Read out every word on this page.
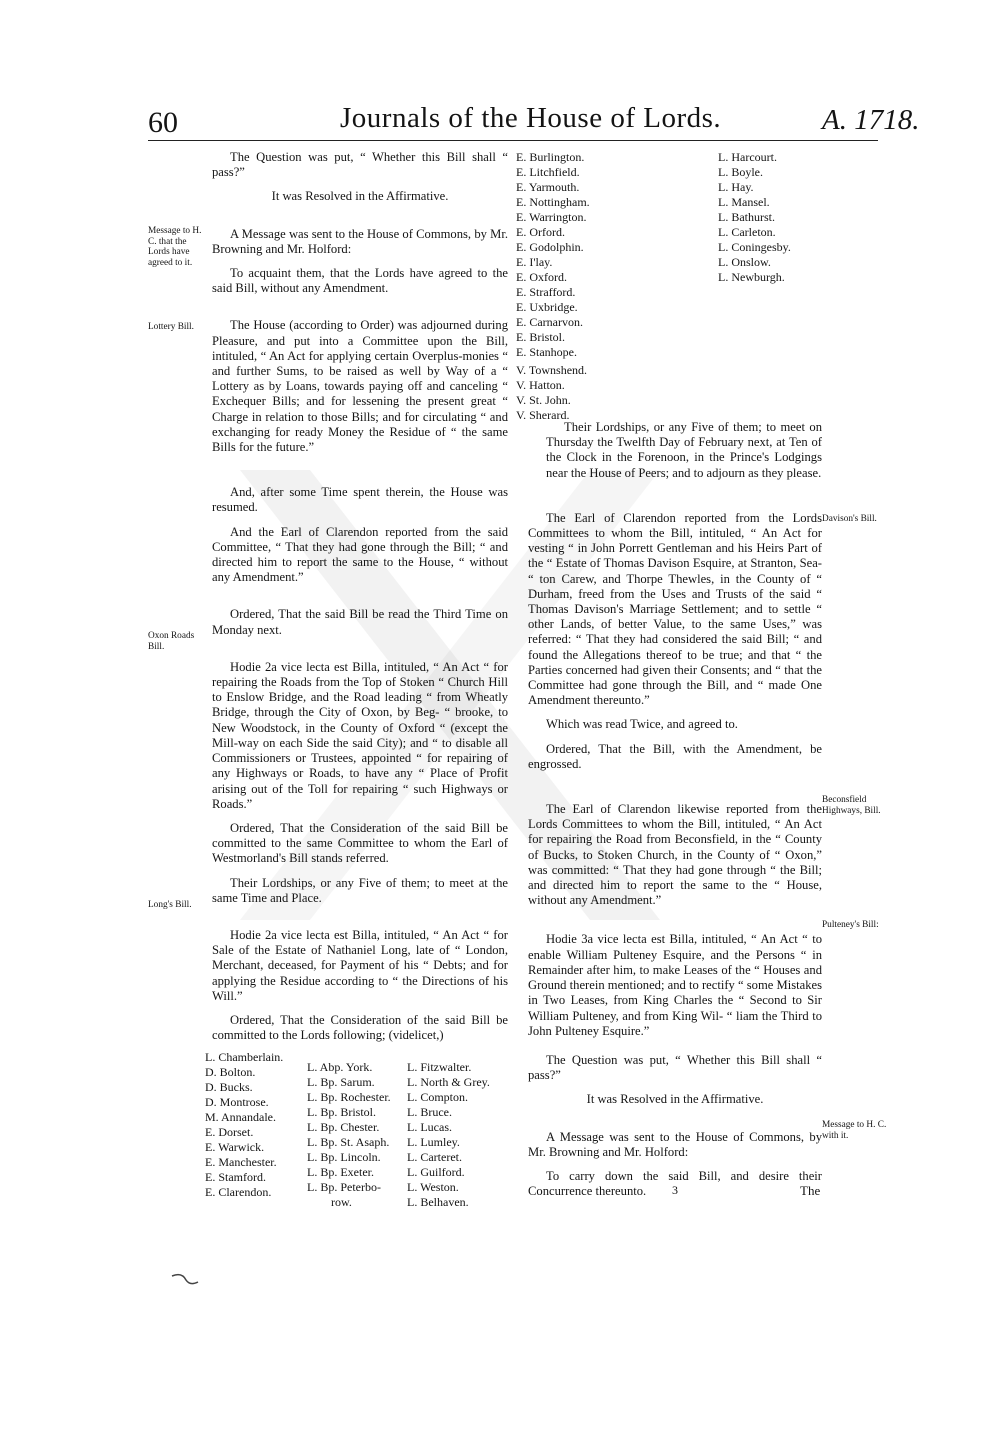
60	Journals of the House of Lords.	A. 1718.

The Question was put, “ Whether this Bill shall “ pass?”

It was Resolved in the Affirmative.

A Message was sent to the House of Commons, by Mr. Browning and Mr. Holford:

To acquaint them, that the Lords have agreed to the said Bill, without any Amendment.

The House (according to Order) was adjourned during Pleasure, and put into a Committee upon the Bill, intituled, “ An Act for applying certain Overplus-monies “ and further Sums, to be raised as well by Way of a “ Lottery as by Loans, towards paying off and canceling “ Exchequer Bills; and for lessening the present great “ Charge in relation to those Bills; and for circulating “ and exchanging for ready Money the Residue of “ the same Bills for the future.”

And, after some Time spent therein, the House was resumed.

And the Earl of Clarendon reported from the said Committee, “ That they had gone through the Bill; “ and directed him to report the same to the House, “ without any Amendment.”

Ordered, That the said Bill be read the Third Time on Monday next.

Hodie 2a vice lecta est Billa, intituled, “ An Act “ for repairing the Roads from the Top of Stoken “ Church Hill to Enslow Bridge, and the Road leading “ from Wheatly Bridge, through the City of Oxon, by Beg- “ brooke, to New Woodstock, in the County of Oxford “ (except the Mill-way on each Side the said City); and “ to disable all Commissioners or Trustees, appointed “ for repairing of any Highways or Roads, to have any “ Place of Profit arising out of the Toll for repairing “ such Highways or Roads.”

Ordered, That the Consideration of the said Bill be committed to the same Committee to whom the Earl of Westmorland's Bill stands referred.

Their Lordships, or any Five of them; to meet at the same Time and Place.

Hodie 2a vice lecta est Billa, intituled, “ An Act “ for Sale of the Estate of Nathaniel Long, late of “ London, Merchant, deceased, for Payment of his “ Debts; and for applying the Residue according to “ the Directions of his Will.”

Ordered, That the Consideration of the said Bill be committed to the Lords following; (videlicet,)

Message to H. C. that the Lords have agreed to it.
Lottery Bill.
Oxon Roads Bill.
Long's Bill.
L. Chamberlain.
D. Bolton.
D. Bucks.
D. Montrose.
M. Annandale.
E. Dorset.
E. Warwick.
E. Manchester.
E. Stamford.
E. Clarendon.
L. Abp. York.
L. Bp. Sarum.
L. Bp. Rochester.
L. Bp. Bristol.
L. Bp. Chester.
L. Bp. St. Asaph.
L. Bp. Lincoln.
L. Bp. Exeter.
L. Bp. Peterbo-
row.
L. Fitzwalter.
L. North & Grey.
L. Compton.
L. Bruce.
L. Lucas.
L. Lumley.
L. Carteret.
L. Guilford.
L. Weston.
L. Belhaven.
E. Burlington.
E. Litchfield.
E. Yarmouth.
E. Nottingham.
E. Warrington.
E. Orford.
E. Godolphin.
E. I'lay.
E. Oxford.
E. Strafford.
E. Uxbridge.
E. Carnarvon.
E. Bristol.
E. Stanhope.
V. Townshend.
V. Hatton.
V. St. John.
V. Sherard.
L. Harcourt.
L. Boyle.
L. Hay.
L. Mansel.
L. Bathurst.
L. Carleton.
L. Coningesby.
L. Onslow.
L. Newburgh.

Their Lordships, or any Five of them; to meet on Thursday the Twelfth Day of February next, at Ten of the Clock in the Forenoon, in the Prince's Lodgings near the House of Peers; and to adjourn as they please.

The Earl of Clarendon reported from the Lords Committees to whom the Bill, intituled, “ An Act for vesting “ in John Porrett Gentleman and his Heirs Part of the “ Estate of Thomas Davison Esquire, at Stranton, Sea- “ ton Carew, and Thorpe Thewles, in the County of “ Durham, freed from the Uses and Trusts of the said “ Thomas Davison's Marriage Settlement; and to settle “ other Lands, of better Value, to the same Uses,” was referred: “ That they had considered the said Bill; “ and found the Allegations thereof to be true; and that “ the Parties concerned had given their Consents; and “ that the Committee had gone through the Bill, and “ made One Amendment thereunto.”

Which was read Twice, and agreed to.

Ordered, That the Bill, with the Amendment, be engrossed.

The Earl of Clarendon likewise reported from the Lords Committees to whom the Bill, intituled, “ An Act for repairing the Road from Beconsfield, in the “ County of Bucks, to Stoken Church, in the County of “ Oxon,” was committed: “ That they had gone through “ the Bill; and directed him to report the same to the “ House, without any Amendment.”

Hodie 3a vice lecta est Billa, intituled, “ An Act “ to enable William Pulteney Esquire, and the Persons “ in Remainder after him, to make Leases of the “ Houses and Ground therein mentioned; and to rectify “ some Mistakes in Two Leases, from King Charles the “ Second to Sir William Pulteney, and from King Wil- “ liam the Third to John Pulteney Esquire.”

The Question was put, “ Whether this Bill shall “ pass?”

It was Resolved in the Affirmative.

A Message was sent to the House of Commons, by Mr. Browning and Mr. Holford:

To carry down the said Bill, and desire their Concurrence thereunto.

Davison's Bill.
Beconsfield Highways, Bill.
Pulteney's Bill:
Message to H. C. with it.
3	The
